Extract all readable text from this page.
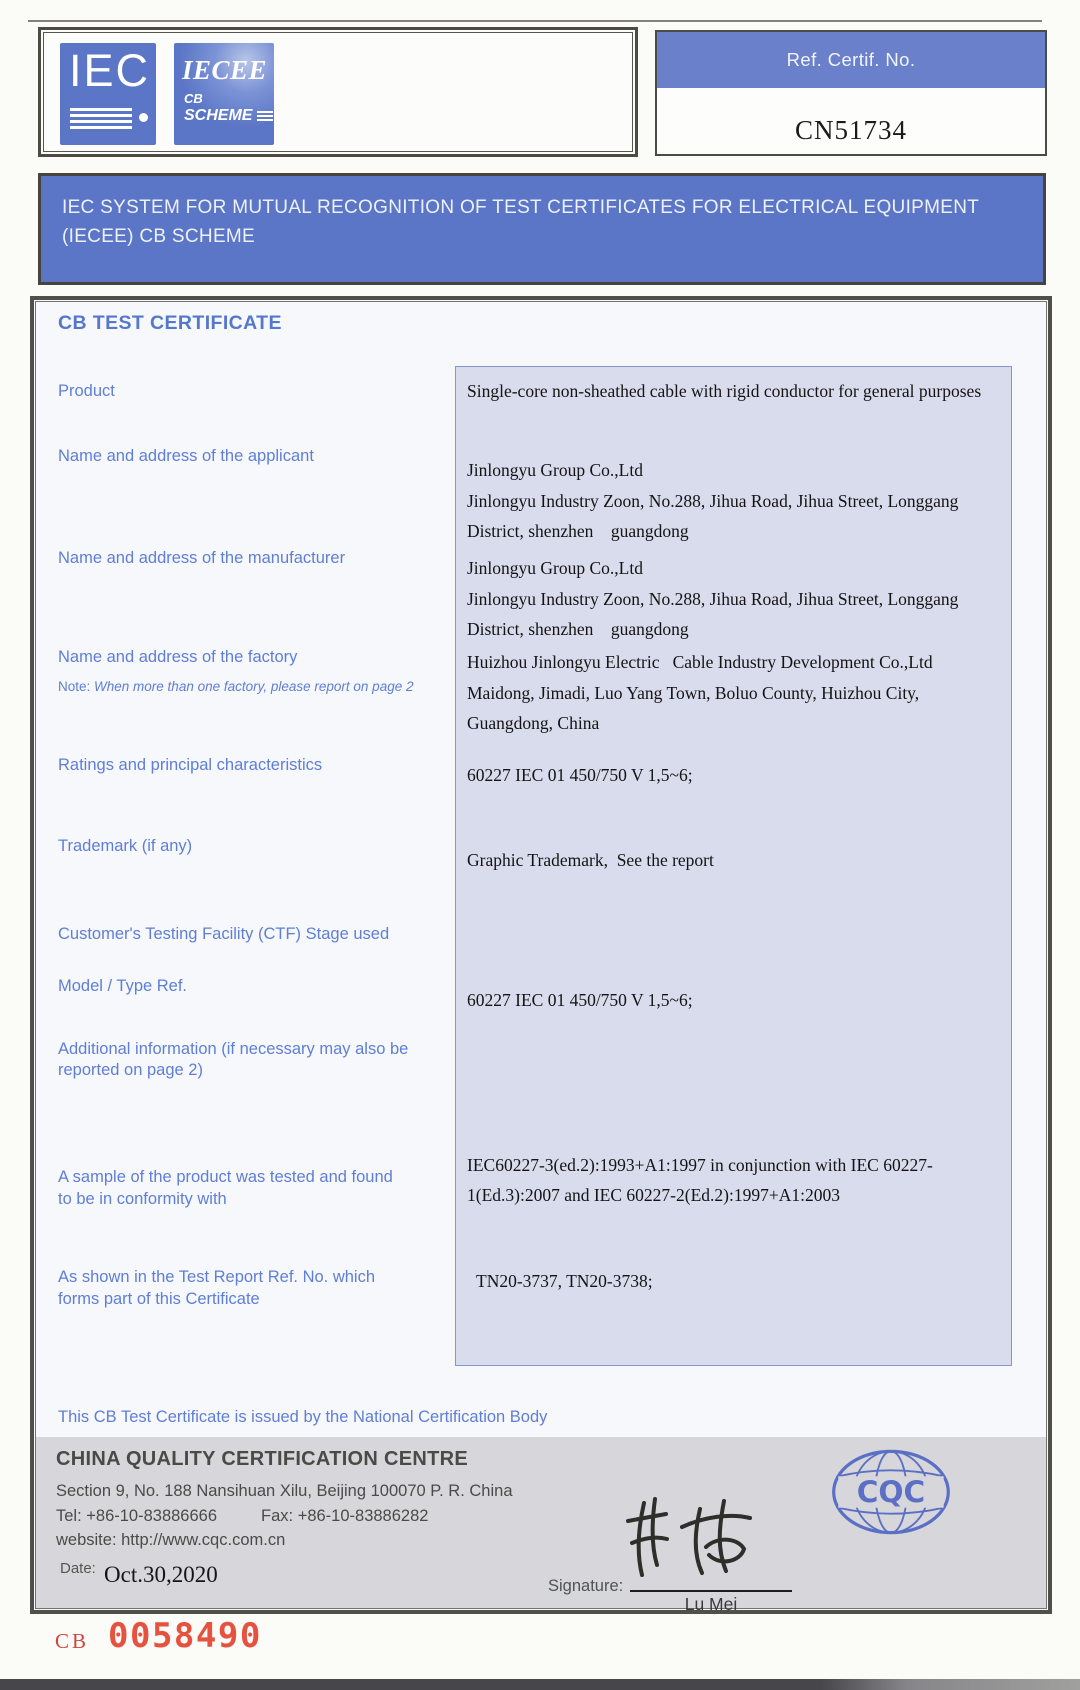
IEC IECEE
CB
SCHEME
Ref. Certif. No.
CN51734
IEC SYSTEM FOR MUTUAL RECOGNITION OF TEST CERTIFICATES FOR ELECTRICAL EQUIPMENT (IECEE) CB SCHEME
CB TEST CERTIFICATE
Product
Name and address of the applicant
Name and address of the manufacturer
Name and address of the factory
Note: When more than one factory, please report on page 2
Ratings and principal characteristics
Trademark (if any)
Customer's Testing Facility (CTF) Stage used
Model / Type Ref.
Additional information (if necessary may also be reported on page 2)
A sample of the product was tested and found to be in conformity with
As shown in the Test Report Ref. No. which forms part of this Certificate
Single-core non-sheathed cable with rigid conductor for general purposes
Jinlongyu Group Co.,Ltd
Jinlongyu Industry Zoon, No.288, Jihua Road, Jihua Street, Longgang District, shenzhen    guangdong
Jinlongyu Group Co.,Ltd
Jinlongyu Industry Zoon, No.288, Jihua Road, Jihua Street, Longgang District, shenzhen    guangdong
Huizhou Jinlongyu Electric   Cable Industry Development Co.,Ltd
Maidong, Jimadi, Luo Yang Town, Boluo County, Huizhou City, Guangdong, China
60227 IEC 01 450/750 V 1,5~6;
Graphic Trademark,  See the report
60227 IEC 01 450/750 V 1,5~6;
IEC60227-3(ed.2):1993+A1:1997 in conjunction with IEC 60227-1(Ed.3):2007 and IEC 60227-2(Ed.2):1997+A1:2003
TN20-3737, TN20-3738;
This CB Test Certificate is issued by the National Certification Body
CHINA QUALITY CERTIFICATION CENTRE
Section 9, No. 188 Nansihuan Xilu, Beijing 100070 P. R. China
Tel: +86-10-83886666	Fax: +86-10-83886282
website: http://www.cqc.com.cn
Date: Oct.30,2020	Signature:
Lu Mei
CQC
CB 0058490
